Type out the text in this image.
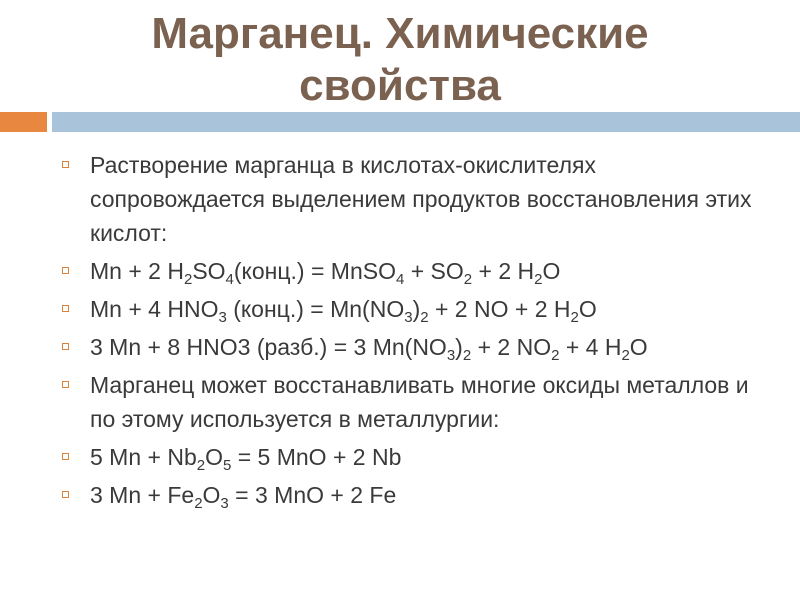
Марганец. Химические
свойства
Растворение марганца в кислотах-окислителях сопровождается выделением продуктов восстановления этих кислот:
Mn + 2 $H_2SO_4(конц.)$ = MnSO$_4$ + $SO_2 + 2$ $H_2O$
Mn + 4 $HNO_3$ (конц.) = $Mn(NO_3)_2 + 2$ NO + 2 $H_2O$
3 Mn + 8 HNO3 (разб.) = 3 $Mn(NO_3)_2 + 2$ $NO_2 + 4$ $H_2O$
Марганец может восстанавливать многие оксиды металлов и по этому используется в металлургии:
5 $Mn + Nb_2O_5 = 5$ MnO + 2 Nb
3 $Mn + Fe_2O_3 = 3$ MnO + 2 Fe
